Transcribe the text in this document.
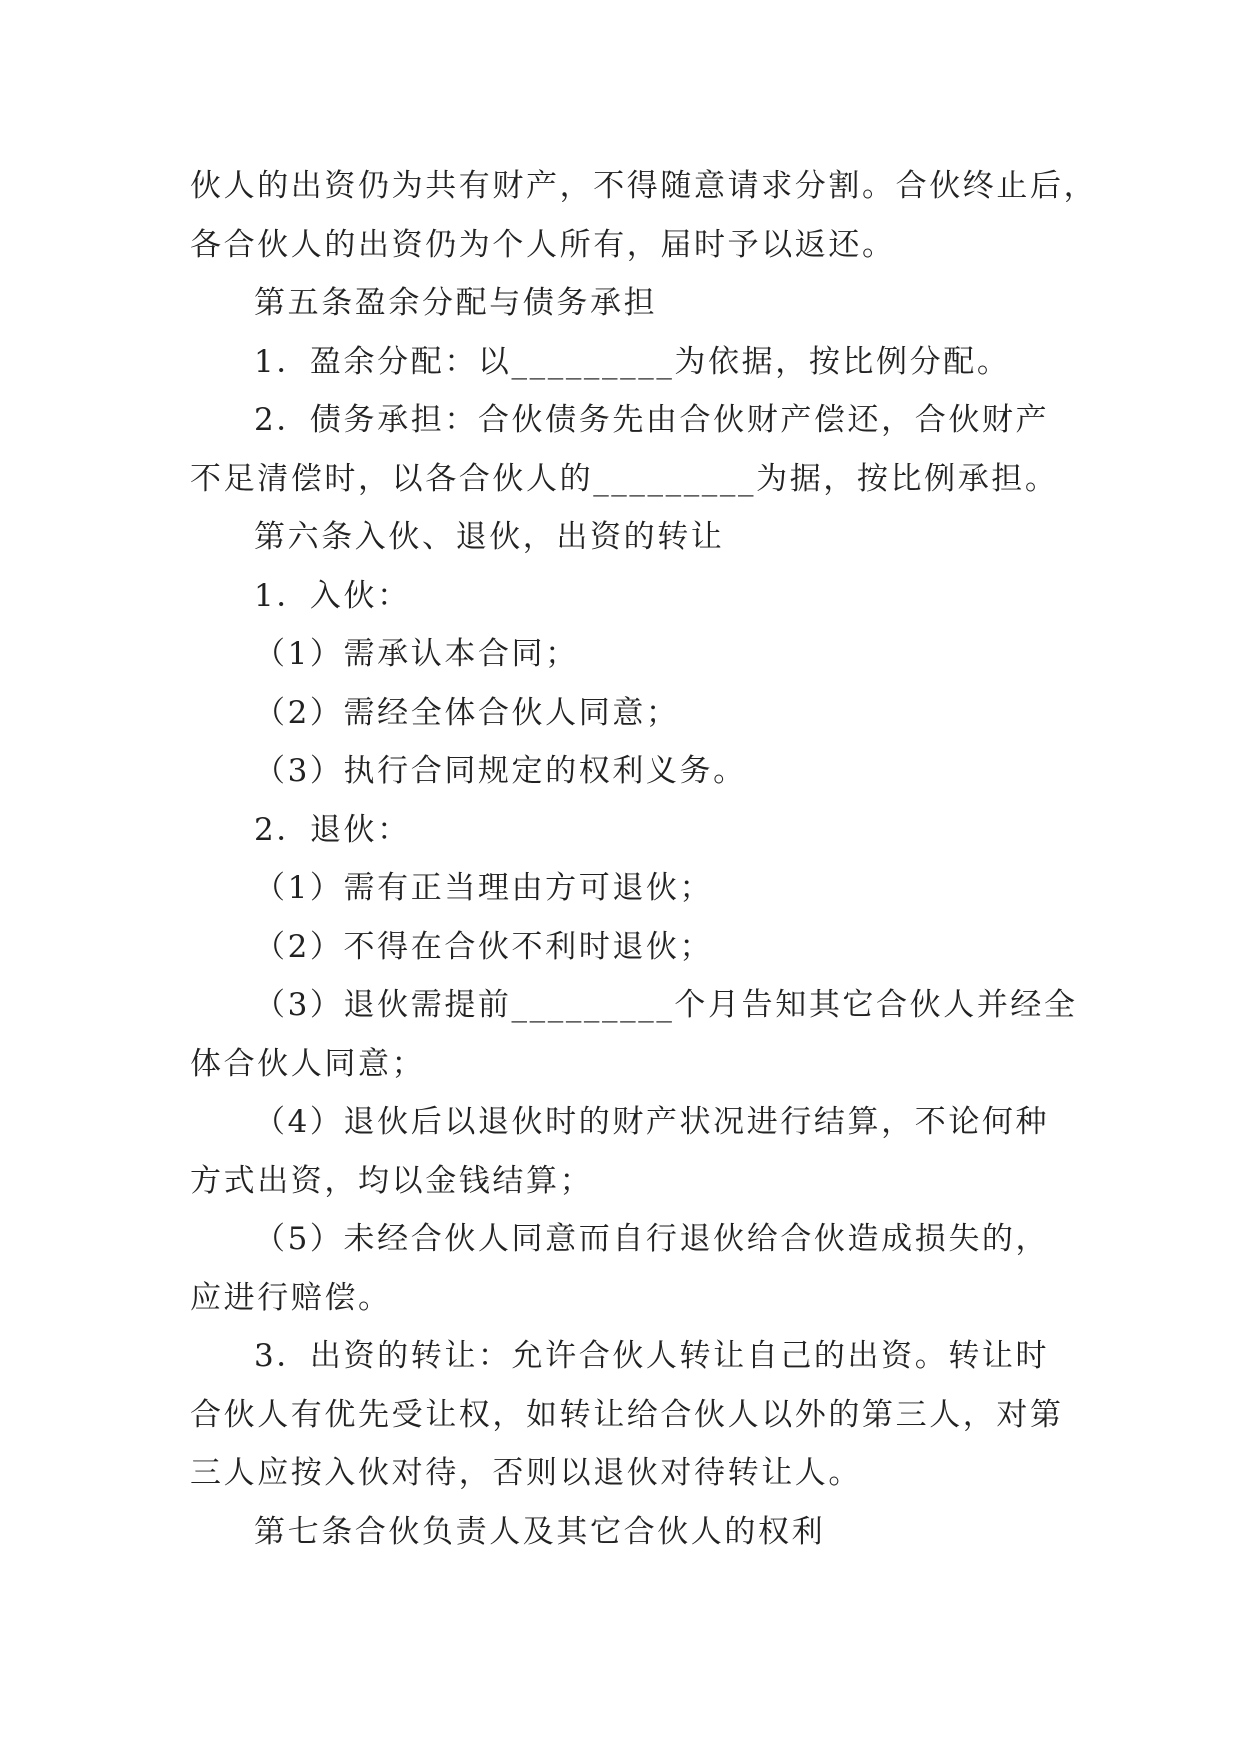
伙人的出资仍为共有财产，不得随意请求分割。合伙终止后，
各合伙人的出资仍为个人所有，届时予以返还。
第五条盈余分配与债务承担
1．盈余分配：以_________为依据，按比例分配。
2．债务承担：合伙债务先由合伙财产偿还，合伙财产
不足清偿时，以各合伙人的_________为据，按比例承担。
第六条入伙、退伙，出资的转让
1．入伙：
（1）需承认本合同；
（2）需经全体合伙人同意；
（3）执行合同规定的权利义务。
2．退伙：
（1）需有正当理由方可退伙；
（2）不得在合伙不利时退伙；
（3）退伙需提前_________个月告知其它合伙人并经全
体合伙人同意；
（4）退伙后以退伙时的财产状况进行结算，不论何种
方式出资，均以金钱结算；
（5）未经合伙人同意而自行退伙给合伙造成损失的，
应进行赔偿。
3．出资的转让：允许合伙人转让自己的出资。转让时
合伙人有优先受让权，如转让给合伙人以外的第三人，对第
三人应按入伙对待，否则以退伙对待转让人。
第七条合伙负责人及其它合伙人的权利
